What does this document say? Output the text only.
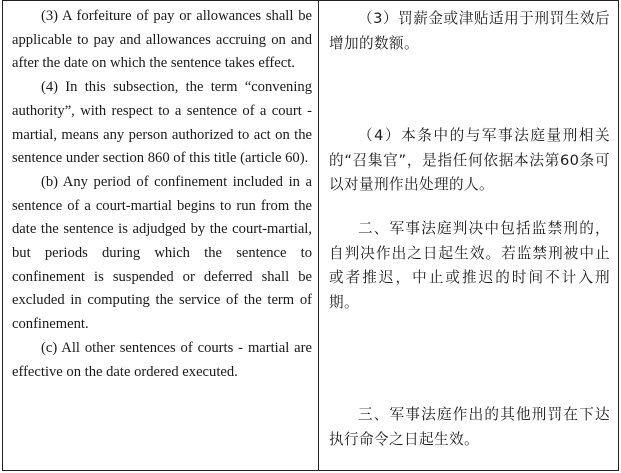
(3) A forfeiture of pay or allowances shall be applicable to pay and allowances accruing on and after the date on which the sentence takes effect.

(4) In this subsection, the term “convening authority”, with respect to a sentence of a court - martial, means any person authorized to act on the sentence under section 860 of this title (article 60).

(b) Any period of confinement included in a sentence of a court-martial begins to run from the date the sentence is adjudged by the court-martial, but periods during which the sentence to confinement is suspended or deferred shall be excluded in computing the service of the term of confinement.

(c) All other sentences of courts - martial are effective on the date ordered executed.

（3）罚薪金或津贴适用于刑罚生效后增加的数额。

（4）本条中的与军事法庭量刑相关的“召集官”，是指任何依据本法第60条可以对量刑作出处理的人。

二、军事法庭判决中包括监禁刑的，自判决作出之日起生效。若监禁刑被中止或者推迟，中止或推迟的时间不计入刑期。

三、军事法庭作出的其他刑罚在下达执行命令之日起生效。
